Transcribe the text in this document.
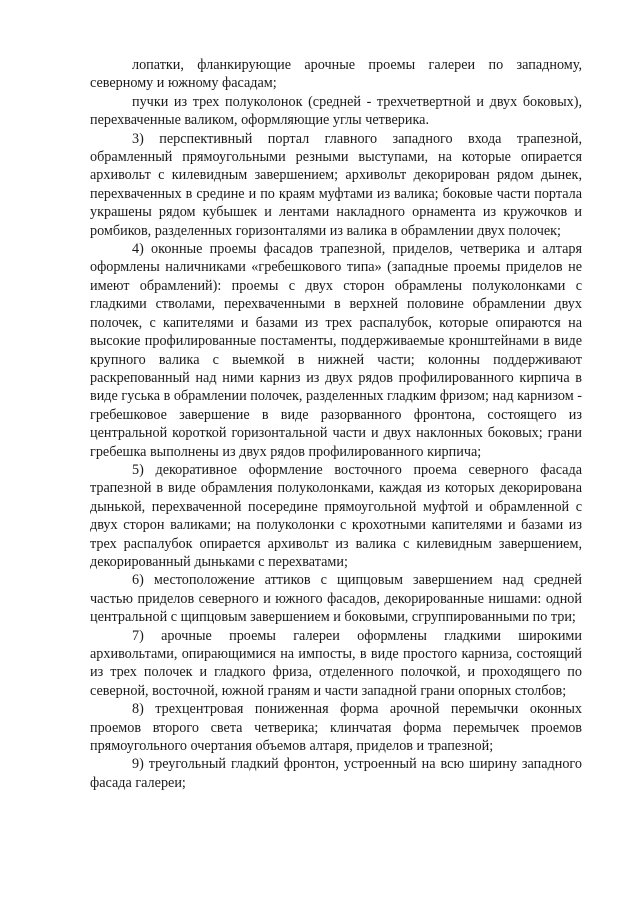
лопатки, фланкирующие арочные проемы галереи по западному, северному и южному фасадам;

пучки из трех полуколонок (средней - трехчетвертной и двух боковых), перехваченные валиком, оформляющие углы четверика.

3) перспективный портал главного западного входа трапезной, обрамленный прямоугольными резными выступами, на которые опирается архивольт с килевидным завершением; архивольт декорирован рядом дынек, перехваченных в средине и по краям муфтами из валика; боковые части портала украшены рядом кубышек и лентами накладного орнамента из кружочков и ромбиков, разделенных горизонталями из валика в обрамлении двух полочек;

4) оконные проемы фасадов трапезной, приделов, четверика и алтаря оформлены наличниками «гребешкового типа» (западные проемы приделов не имеют обрамлений): проемы с двух сторон обрамлены полуколонками с гладкими стволами, перехваченными в верхней половине обрамлении двух полочек, с капителями и базами из трех распалубок, которые опираются на высокие профилированные постаменты, поддерживаемые кронштейнами в виде крупного валика с выемкой в нижней части; колонны поддерживают раскрепованный над ними карниз из двух рядов профилированного кирпича в виде гуська в обрамлении полочек, разделенных гладким фризом; над карнизом - гребешковое завершение в виде разорванного фронтона, состоящего из центральной короткой горизонтальной части и двух наклонных боковых; грани гребешка выполнены из двух рядов профилированного кирпича;

5) декоративное оформление восточного проема северного фасада трапезной в виде обрамления полуколонками, каждая из которых декорирована дынькой, перехваченной посередине прямоугольной муфтой и обрамленной с двух сторон валиками; на полуколонки с крохотными капителями и базами из трех распалубок опирается архивольт из валика с килевидным завершением, декорированный дыньками с перехватами;

6) местоположение аттиков с щипцовым завершением над средней частью приделов северного и южного фасадов, декорированные нишами: одной центральной с щипцовым завершением и боковыми, сгруппированными по три;

7) арочные проемы галереи оформлены гладкими широкими архивольтами, опирающимися на импосты, в виде простого карниза, состоящий из трех полочек и гладкого фриза, отделенного полочкой, и проходящего по северной, восточной, южной граням и части западной грани опорных столбов;

8) трехцентровая пониженная форма арочной перемычки оконных проемов второго света четверика; клинчатая форма перемычек проемов прямоугольного очертания объемов алтаря, приделов и трапезной;

9) треугольный гладкий фронтон, устроенный на всю ширину западного фасада галереи;
